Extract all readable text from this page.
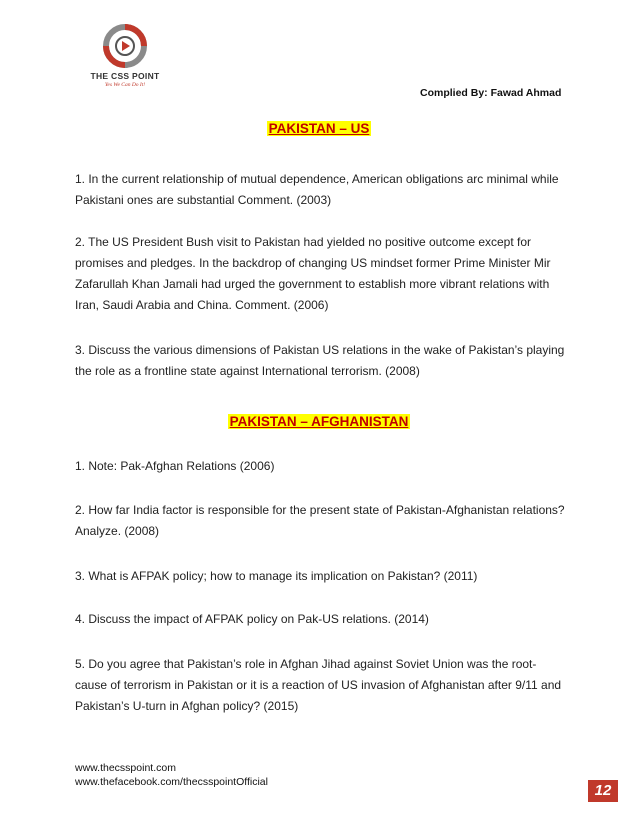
THE CSS POINT
Yes We Can Do It!
Complied By: Fawad Ahmad
PAKISTAN – US
1. In the current relationship of mutual dependence, American obligations arc minimal while Pakistani ones are substantial Comment. (2003)
2. The US President Bush visit to Pakistan had yielded no positive outcome except for promises and pledges. In the backdrop of changing US mindset former Prime Minister Mir Zafarullah Khan Jamali had urged the government to establish more vibrant relations with Iran, Saudi Arabia and China. Comment. (2006)
3. Discuss the various dimensions of Pakistan US relations in the wake of Pakistan’s playing the role as a frontline state against International terrorism. (2008)
PAKISTAN – AFGHANISTAN
1. Note: Pak-Afghan Relations (2006)
2. How far India factor is responsible for the present state of Pakistan-Afghanistan relations? Analyze. (2008)
3. What is AFPAK policy; how to manage its implication on Pakistan? (2011)
4. Discuss the impact of AFPAK policy on Pak-US relations. (2014)
5. Do you agree that Pakistan’s role in Afghan Jihad against Soviet Union was the root-cause of terrorism in Pakistan or it is a reaction of US invasion of Afghanistan after 9/11 and Pakistan’s U-turn in Afghan policy? (2015)
www.thecsspoint.com
www.thefacebook.com/thecsspointOfficial	12
